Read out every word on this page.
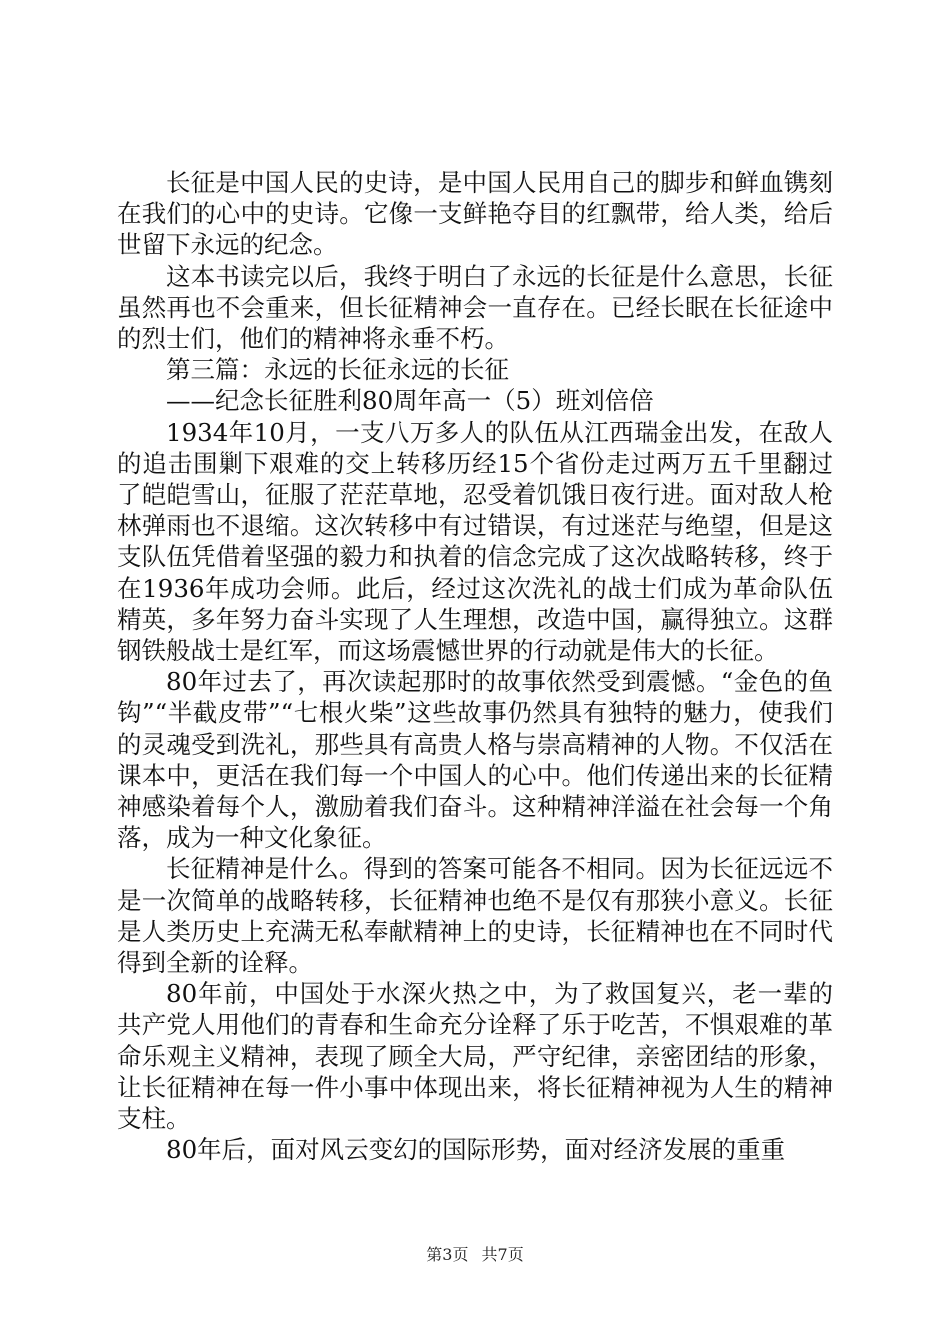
长征是中国人民的史诗，是中国人民用自己的脚步和鲜血镌刻在我们的心中的史诗。它像一支鲜艳夺目的红飘带，给人类，给后世留下永远的纪念。

这本书读完以后，我终于明白了永远的长征是什么意思，长征虽然再也不会重来，但长征精神会一直存在。已经长眠在长征途中的烈士们，他们的精神将永垂不朽。

第三篇：永远的长征永远的长征

——纪念长征胜利80周年高一（5）班刘倍倍

1934年10月，一支八万多人的队伍从江西瑞金出发，在敌人的追击围剿下艰难的交上转移历经15个省份走过两万五千里翻过了皑皑雪山，征服了茫茫草地，忍受着饥饿日夜行进。面对敌人枪林弹雨也不退缩。这次转移中有过错误，有过迷茫与绝望，但是这支队伍凭借着坚强的毅力和执着的信念完成了这次战略转移，终于在1936年成功会师。此后，经过这次洗礼的战士们成为革命队伍精英，多年努力奋斗实现了人生理想，改造中国，赢得独立。这群钢铁般战士是红军，而这场震憾世界的行动就是伟大的长征。

80年过去了，再次读起那时的故事依然受到震憾。“金色的鱼钩”“半截皮带”“七根火柴”这些故事仍然具有独特的魅力，使我们的灵魂受到洗礼，那些具有高贵人格与崇高精神的人物。不仅活在课本中，更活在我们每一个中国人的心中。他们传递出来的长征精神感染着每个人，激励着我们奋斗。这种精神洋溢在社会每一个角落，成为一种文化象征。

长征精神是什么。得到的答案可能各不相同。因为长征远远不是一次简单的战略转移，长征精神也绝不是仅有那狭小意义。长征是人类历史上充满无私奉献精神上的史诗，长征精神也在不同时代得到全新的诠释。

80年前，中国处于水深火热之中，为了救国复兴，老一辈的共产党人用他们的青春和生命充分诠释了乐于吃苦，不惧艰难的革命乐观主义精神，表现了顾全大局，严守纪律，亲密团结的形象，让长征精神在每一件小事中体现出来，将长征精神视为人生的精神支柱。

80年后，面对风云变幻的国际形势，面对经济发展的重重

第3页 共7页
